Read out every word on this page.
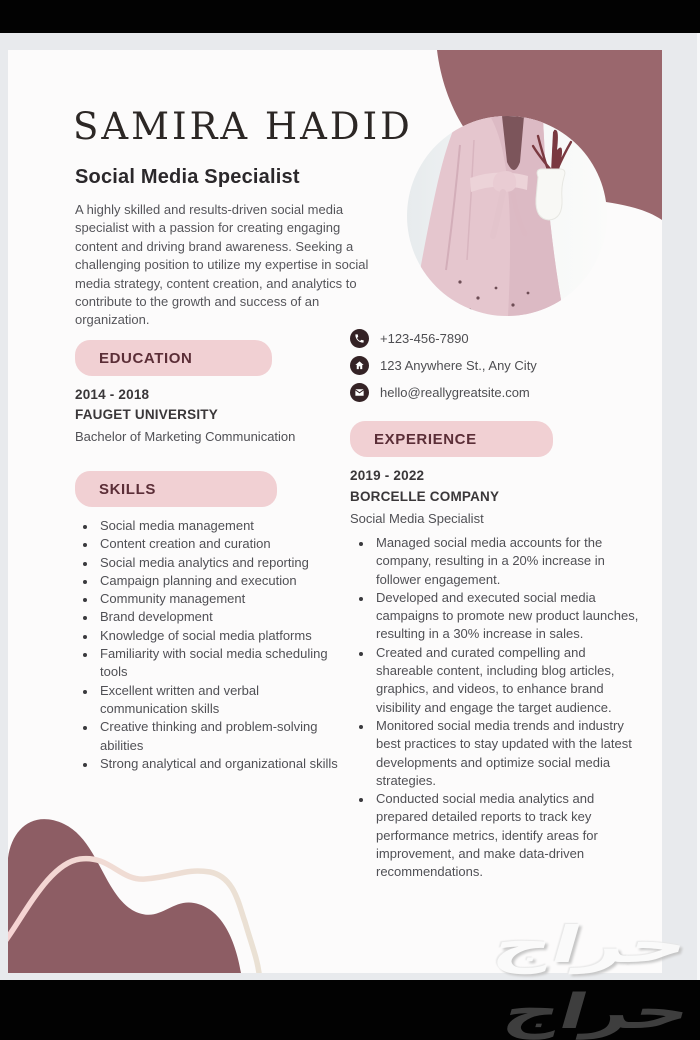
SAMIRA HADID
Social Media Specialist
A highly skilled and results-driven social media specialist with a passion for creating engaging content and driving brand awareness. Seeking a challenging position to utilize my expertise in social media strategy, content creation, and analytics to contribute to the growth and success of an organization.
EDUCATION
2014 - 2018
FAUGET UNIVERSITY
Bachelor of Marketing Communication
SKILLS
• Social media management
• Content creation and curation
• Social media analytics and reporting
• Campaign planning and execution
• Community management
• Brand development
• Knowledge of social media platforms
• Familiarity with social media scheduling tools
• Excellent written and verbal communication skills
• Creative thinking and problem-solving abilities
• Strong analytical and organizational skills
+123-456-7890
123 Anywhere St., Any City
hello@reallygreatsite.com
EXPERIENCE
2019 - 2022
BORCELLE COMPANY
Social Media Specialist
• Managed social media accounts for the company, resulting in a 20% increase in follower engagement.
• Developed and executed social media campaigns to promote new product launches, resulting in a 30% increase in sales.
• Created and curated compelling and shareable content, including blog articles, graphics, and videos, to enhance brand visibility and engage the target audience.
• Monitored social media trends and industry best practices to stay updated with the latest developments and optimize social media strategies.
• Conducted social media analytics and prepared detailed reports to track key performance metrics, identify areas for improvement, and make data-driven recommendations.
حراج
حراج
